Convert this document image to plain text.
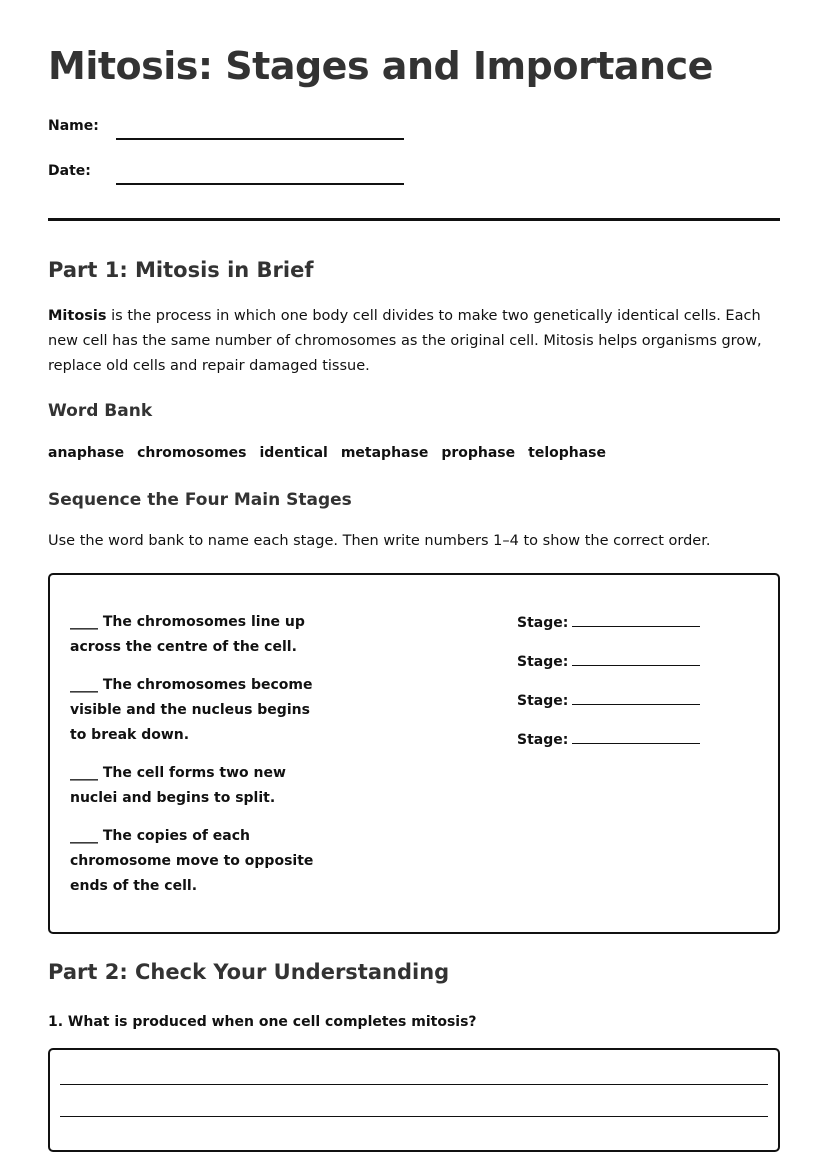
Mitosis: Stages and Importance
Name:
Date:
Part 1: Mitosis in Brief

Mitosis is the process in which one body cell divides to make two genetically identical cells. Each new cell has the same number of chromosomes as the original cell. Mitosis helps organisms grow, replace old cells and repair damaged tissue.

Word Bank
anaphase chromosomes identical metaphase prophase telophase
Sequence the Four Main Stages

Use the word bank to name each stage. Then write numbers 1–4 to show the correct order.

____ The chromosomes line up across the centre of the cell.

____ The chromosomes become visible and the nucleus begins to break down.

____ The cell forms two new nuclei and begins to split.

____ The copies of each chromosome move to opposite ends of the cell.

Stage:
Stage:
Stage:
Stage:
Part 2: Check Your Understanding

1. What is produced when one cell completes mitosis?
